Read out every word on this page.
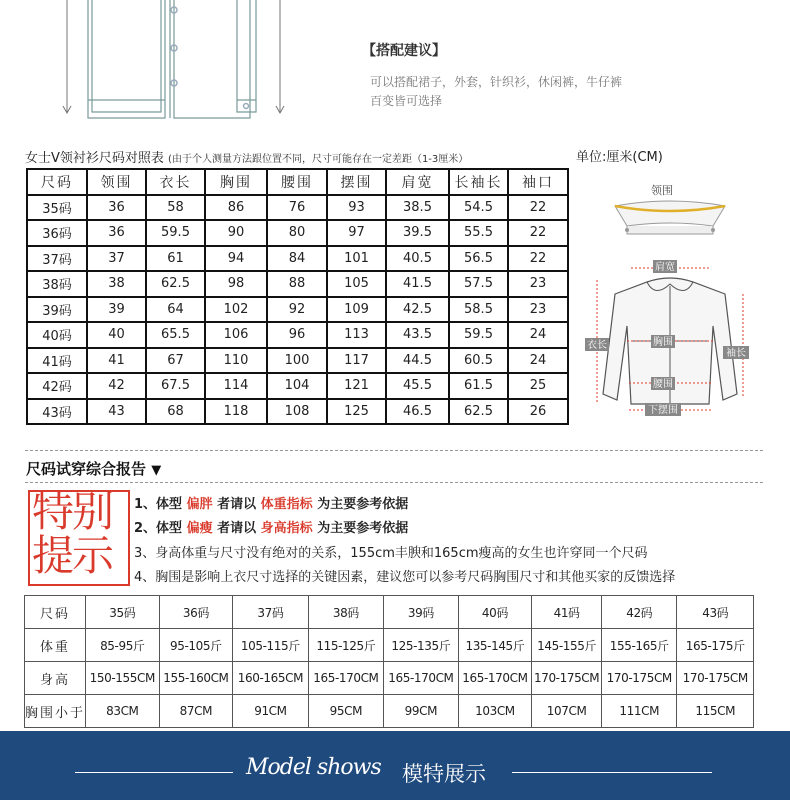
【搭配建议】
可以搭配裙子，外套，针织衫，休闲裤，牛仔裤
百变皆可选择
女士V领衬衫尺码对照表 (由于个人测量方法跟位置不同，尺寸可能存在一定差距（1-3厘米）	单位:厘米(CM)
尺码	领围	衣长	胸围	腰围	摆围	肩宽	长袖长	袖口
35码	36	58	86	76	93	38.5	54.5	22
36码	36	59.5	90	80	97	39.5	55.5	22
37码	37	61	94	84	101	40.5	56.5	22
38码	38	62.5	98	88	105	41.5	57.5	23
39码	39	64	102	92	109	42.5	58.5	23
40码	40	65.5	106	96	113	43.5	59.5	24
41码	41	67	110	100	117	44.5	60.5	24
42码	42	67.5	114	104	121	45.5	61.5	25
43码	43	68	118	108	125	46.5	62.5	26
领围
肩宽
衣长	胸围
袖长
腰围
下摆围
尺码试穿综合报告 ▼
特别提示
1、体型 偏胖 者请以 体重指标 为主要参考依据
2、体型 偏瘦 者请以 身高指标 为主要参考依据
3、身高体重与尺寸没有绝对的关系，155cm丰腴和165cm瘦高的女生也许穿同一个尺码
4、胸围是影响上衣尺寸选择的关键因素，建议您可以参考尺码胸围尺寸和其他买家的反馈选择
尺码	35码	36码	37码	38码	39码	40码	41码	42码	43码
体重	85-95斤	95-105斤	105-115斤	115-125斤	125-135斤	135-145斤	145-155斤	155-165斤	165-175斤
身高	150-155CM	155-160CM	160-165CM	165-170CM	165-170CM	165-170CM	170-175CM	170-175CM	170-175CM
胸围小于	83CM	87CM	91CM	95CM	99CM	103CM	107CM	111CM	115CM
Model shows 模特展示
